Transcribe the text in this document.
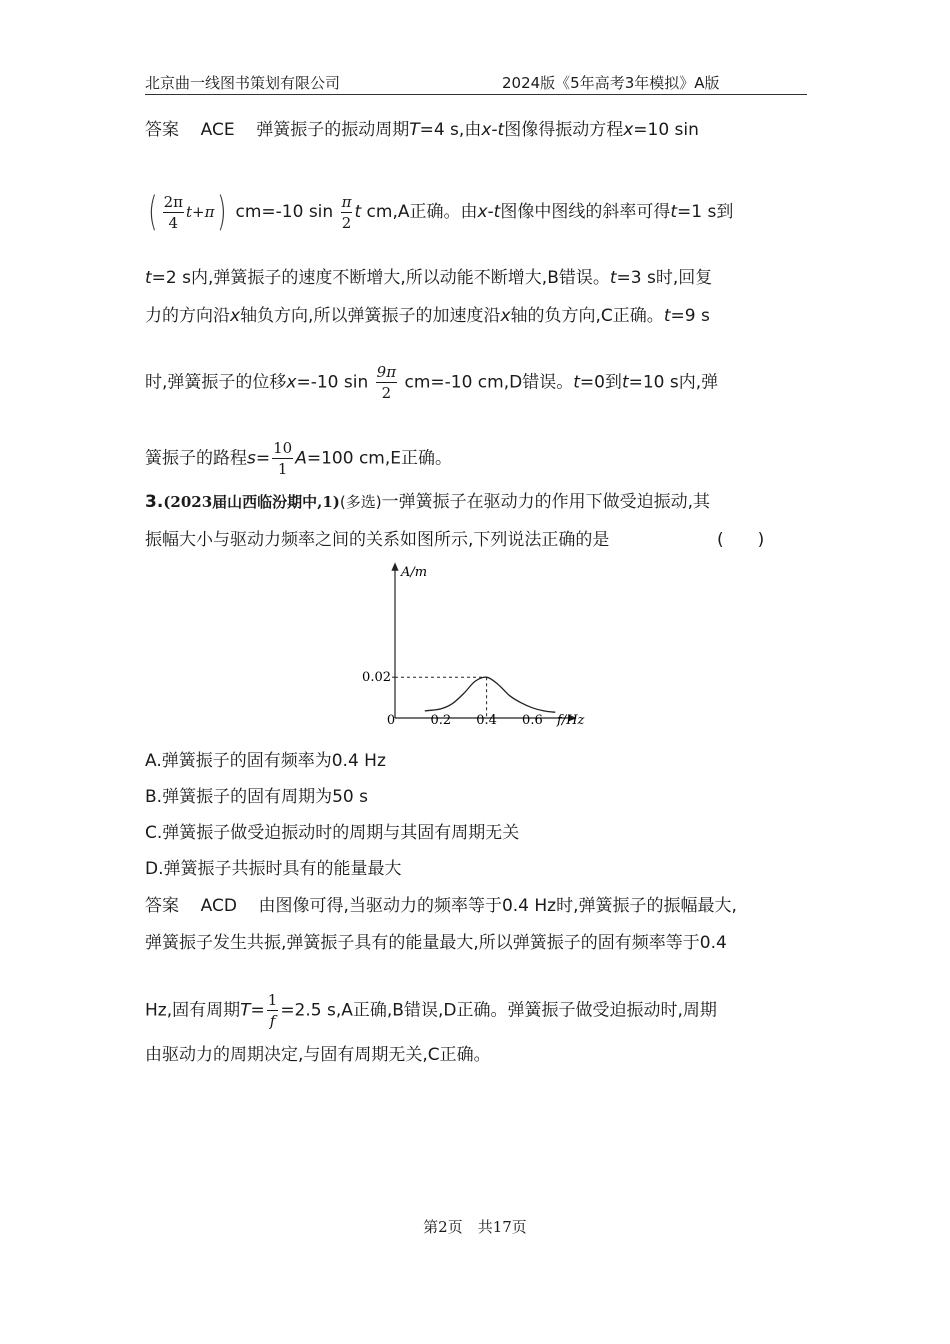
北京曲一线图书策划有限公司	2024版《5年高考3年模拟》A版
答案 ACE 弹簧振子的振动周期T=4 s,由x-t图像得振动方程x=10 sin
( $\frac{2\pi}{4} t+\pi$) cm=-10 $\sin \frac{\pi}{2}$ t cm,A正确。由x-t图像中图线的斜率可得t=1 s到
t=2 s内,弹簧振子的速度不断增大,所以动能不断增大,B错误。t=3 s时,回复
力的方向沿x轴负方向,所以弹簧振子的加速度沿x轴的负方向,C正确。t=9 s
时,弹簧振子的位移x=-10 $\sin \frac{9\pi}{2} cm=-10$ cm,D错误。t=0到t=10 s内,弹
簧振子的路程$s= \frac{10}{1} A=100$ cm,E正确。
3.(2023届山西临汾期中,1)(多选)一弹簧振子在驱动力的作用下做受迫振动,其
振幅大小与驱动力频率之间的关系如图所示,下列说法正确的是	(　　)
A/m
f/Hz
0	0.2 0.4 0.6
0.02
A.弹簧振子的固有频率为0.4 Hz
B.弹簧振子的固有周期为50 s
C.弹簧振子做受迫振动时的周期与其固有周期无关
D.弹簧振子共振时具有的能量最大
答案 ACD 由图像可得,当驱动力的频率等于0.4 Hz时,弹簧振子的振幅最大,
弹簧振子发生共振,弹簧振子具有的能量最大,所以弹簧振子的固有频率等于0.4
Hz,固有周期$T= \frac{1}{f} =2.5$ s,A正确,B错误,D正确。弹簧振子做受迫振动时,周期
由驱动力的周期决定,与固有周期无关,C正确。
第2页　共17页
